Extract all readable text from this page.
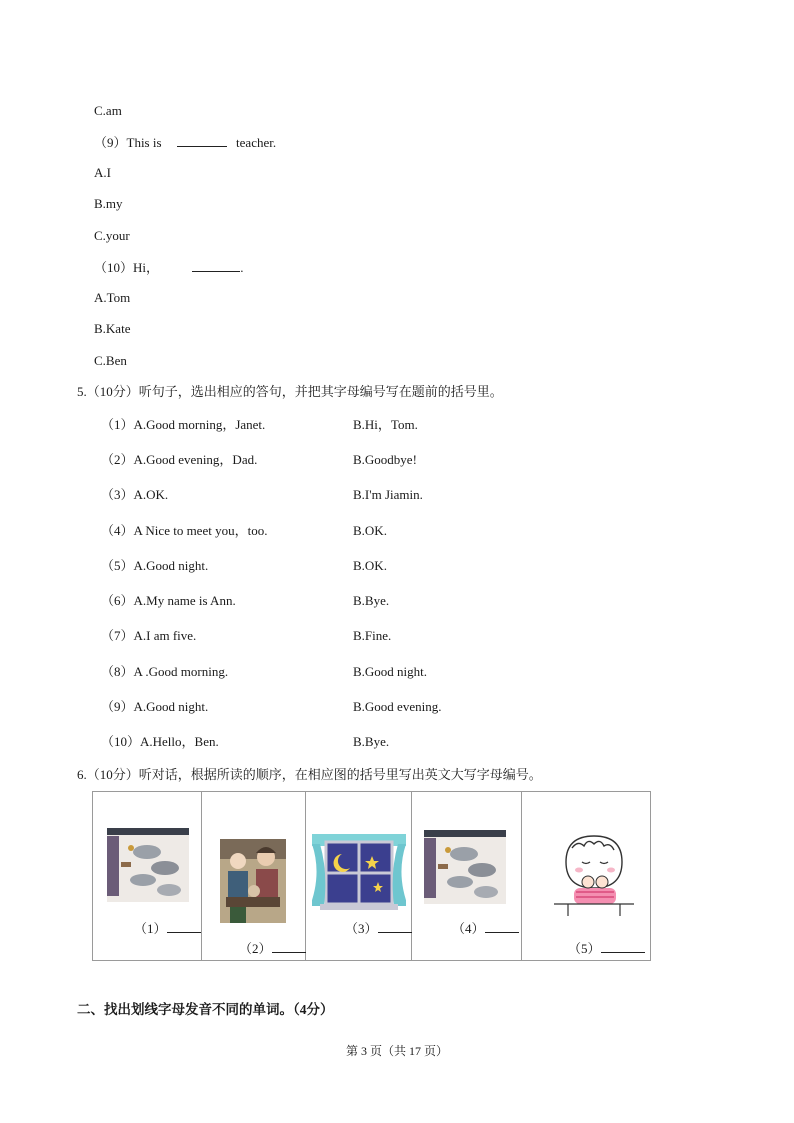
C.am
（9）This is	teacher.
A.I
B.my
C.your
（10）Hi，	.
A.Tom
B.Kate
C.Ben
5.（10分）听句子，选出相应的答句，并把其字母编号写在题前的括号里。
（1）A.Good morning，Janet.	B.Hi，Tom.
（2）A.Good evening，Dad.	B.Goodbye!
（3）A.OK.	B.I'm Jiamin.
（4）A Nice to meet you，too.	B.OK.
（5）A.Good night.	B.OK.
（6）A.My name is Ann.	B.Bye.
（7）A.I am five.	B.Fine.
（8）A .Good morning.	B.Good night.
（9）A.Good night.	B.Good evening.
（10）A.Hello，Ben.	B.Bye.
6.（10分）听对话，根据所读的顺序，在相应图的括号里写出英文大写字母编号。
（1）
（2）
（3）	（4）
（5）
二、找出划线字母发音不同的单词。（4分）
第 3 页（共 17 页）
